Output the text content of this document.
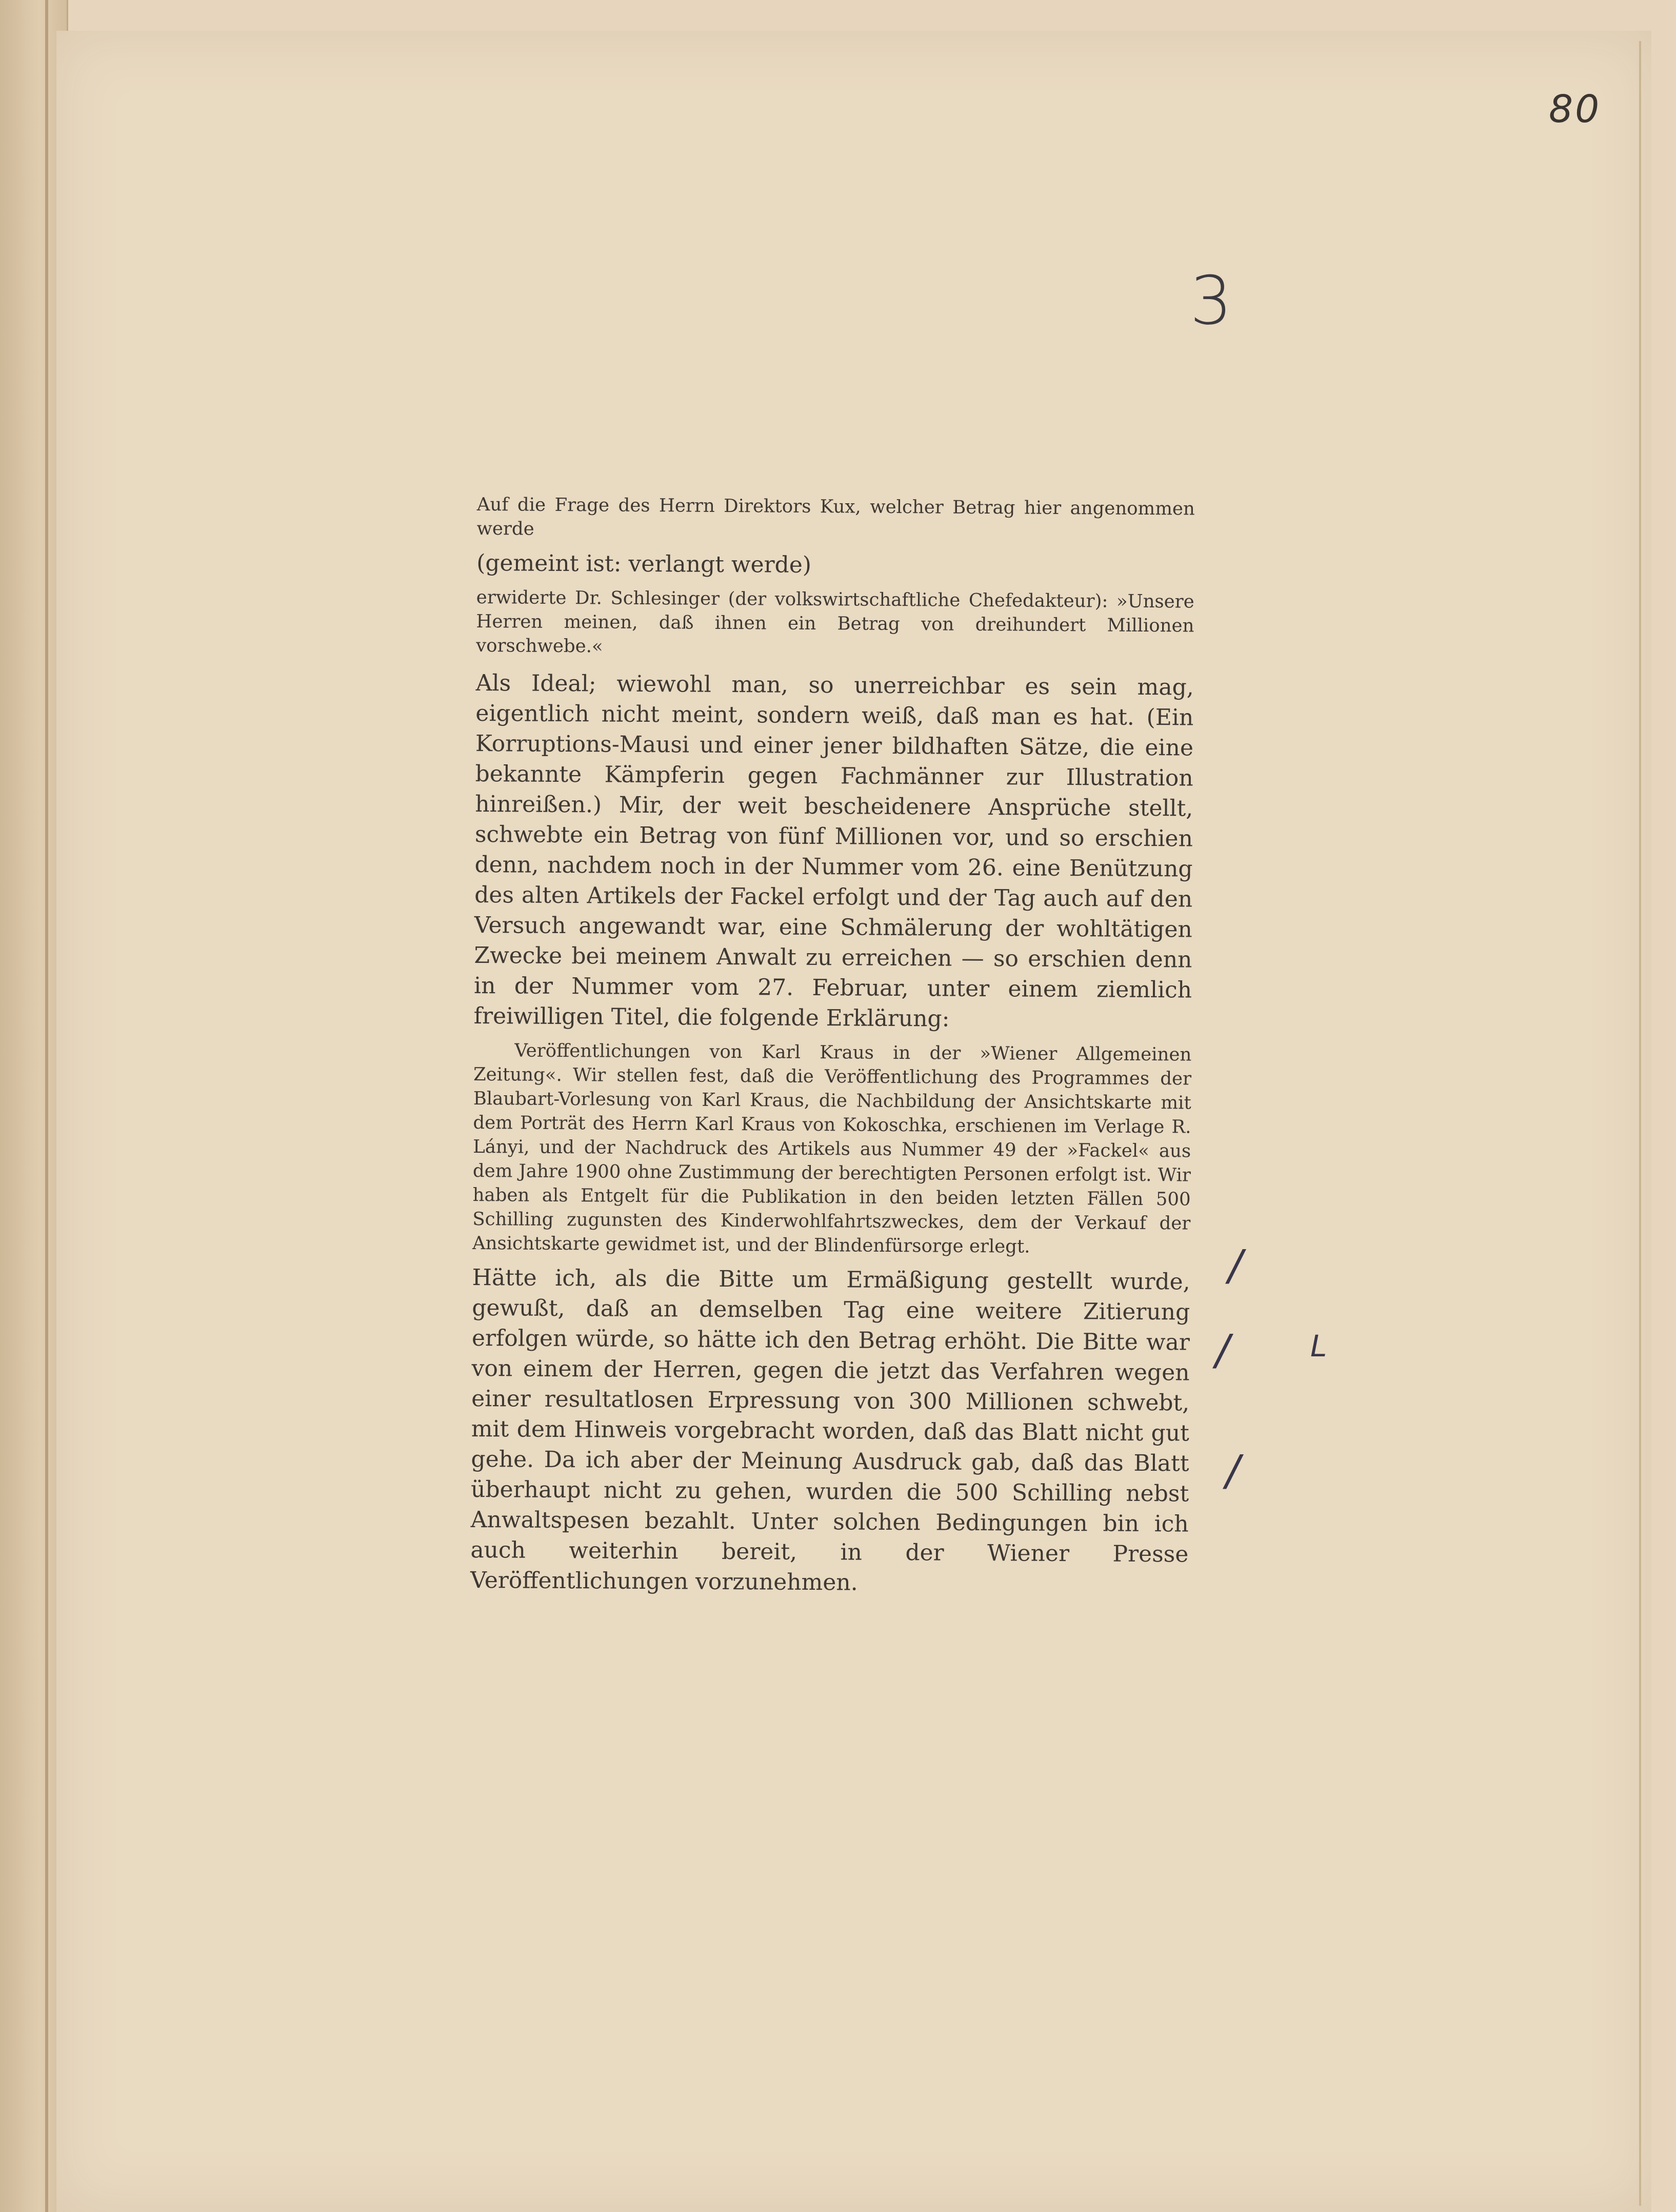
80
3

Auf die Frage des Herrn Direktors Kux, welcher Betrag hier angenommen werde

(gemeint ist: verlangt werde)

erwiderte Dr. Schlesinger (der volkswirtschaftliche Chefedakteur): »Unsere Herren meinen, daß ihnen ein Betrag von dreihundert Millionen vorschwebe.«

Als Ideal; wiewohl man, so unerreichbar es sein mag, eigentlich nicht meint, sondern weiß, daß man es hat. (Ein Korruptions-Mausi und einer jener bildhaften Sätze, die eine bekannte Kämpferin gegen Fachmänner zur Illustration hinreißen.) Mir, der weit bescheidenere Ansprüche stellt, schwebte ein Betrag von fünf Millionen vor, und so erschien denn, nachdem noch in der Nummer vom 26. eine Benützung des alten Artikels der Fackel erfolgt und der Tag auch auf den Versuch angewandt war, eine Schmälerung der wohltätigen Zwecke bei meinem Anwalt zu erreichen — so erschien denn in der Nummer vom 27. Februar, unter einem ziemlich freiwilligen Titel, die folgende Erklärung:

Veröffentlichungen von Karl Kraus in der »Wiener Allgemeinen Zeitung«. Wir stellen fest, daß die Veröffentlichung des Programmes der Blaubart-Vorlesung von Karl Kraus, die Nachbildung der Ansichtskarte mit dem Porträt des Herrn Karl Kraus von Kokoschka, erschienen im Verlage R. Lányi, und der Nachdruck des Artikels aus Nummer 49 der »Fackel« aus dem Jahre 1900 ohne Zustimmung der berechtigten Personen erfolgt ist. Wir haben als Entgelt für die Publikation in den beiden letzten Fällen 500 Schilling zugunsten des Kinderwohlfahrtszweckes, dem der Verkauf der Ansichtskarte gewidmet ist, und der Blindenfürsorge erlegt.

Hätte ich, als die Bitte um Ermäßigung gestellt wurde, gewußt, daß an demselben Tag eine weitere Zitierung erfolgen würde, so hätte ich den Betrag erhöht. Die Bitte war von einem der Herren, gegen die jetzt das Verfahren wegen einer resultatlosen Erpressung von 300 Millionen schwebt, mit dem Hinweis vorgebracht worden, daß das Blatt nicht gut gehe. Da ich aber der Meinung Ausdruck gab, daß das Blatt überhaupt nicht zu gehen, wurden die 500 Schilling nebst Anwaltspesen bezahlt. Unter solchen Bedingungen bin ich auch weiterhin bereit, in der Wiener Presse Veröffentlichungen vorzunehmen.

/
/	L
/
